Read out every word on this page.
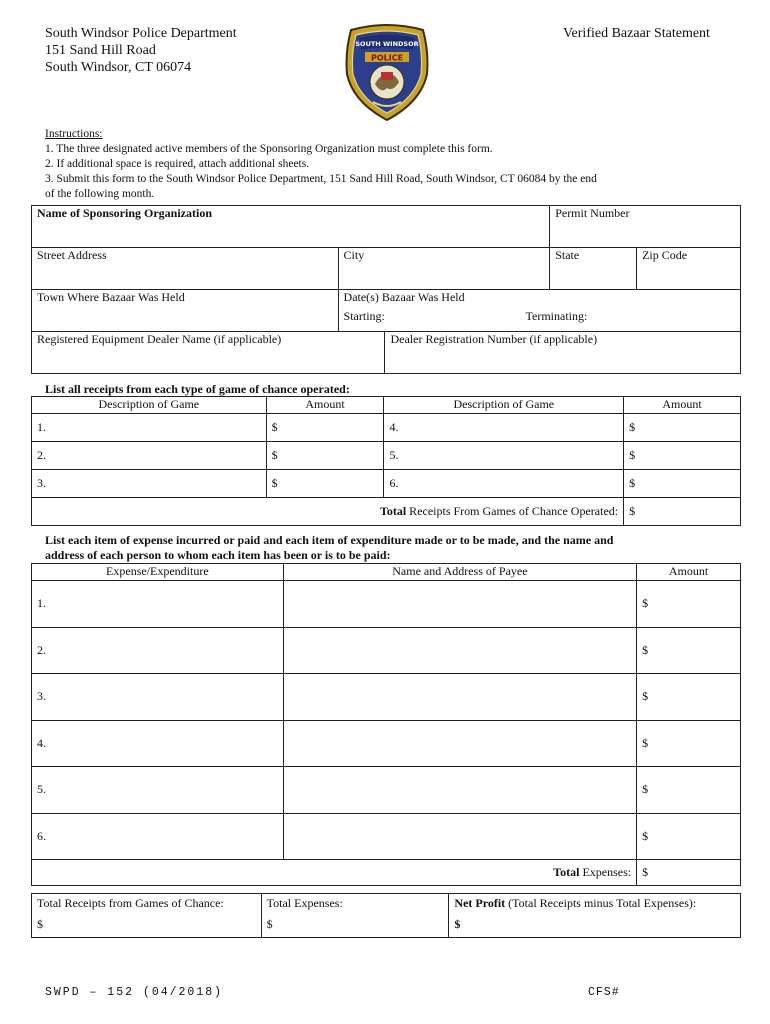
South Windsor Police Department
151 Sand Hill Road
South Windsor, CT 06074
Verified Bazaar Statement
SOUTH WINDSOR
POLICE
Instructions:
1. The three designated active members of the Sponsoring Organization must complete this form.
2. If additional space is required, attach additional sheets.
3. Submit this form to the South Windsor Police Department, 151 Sand Hill Road, South Windsor, CT 06084 by the end
of the following month.
Name of Sponsoring Organization		Permit Number	
Street Address	City	State	Zip Code
Town Where Bazaar Was Held	Date(s) Bazaar Was Held
Starting: Terminating:		
Registered Equipment Dealer Name (if applicable)	Dealer Registration Number (if applicable)
List all receipts from each type of game of chance operated:
Description of Game	Amount	Description of Game	Amount
1.	$	4.	$
2.	$	5.	$
3.	$	6.	$
Total Receipts From Games of Chance Operated:			$
List each item of expense incurred or paid and each item of expenditure made or to be made, and the name and
address of each person to whom each item has been or is to be paid:
Expense/Expenditure	Name and Address of Payee	Amount
1.		$
2.		$
3.		$
4.		$
5.		$
6.		$
Total Expenses:		$
Total Receipts from Games of Chance:
$

Total Expenses:
$

Net Profit (Total Receipts minus Total Expenses):
$
SWPD – 152 (04/2018)	CFS#
